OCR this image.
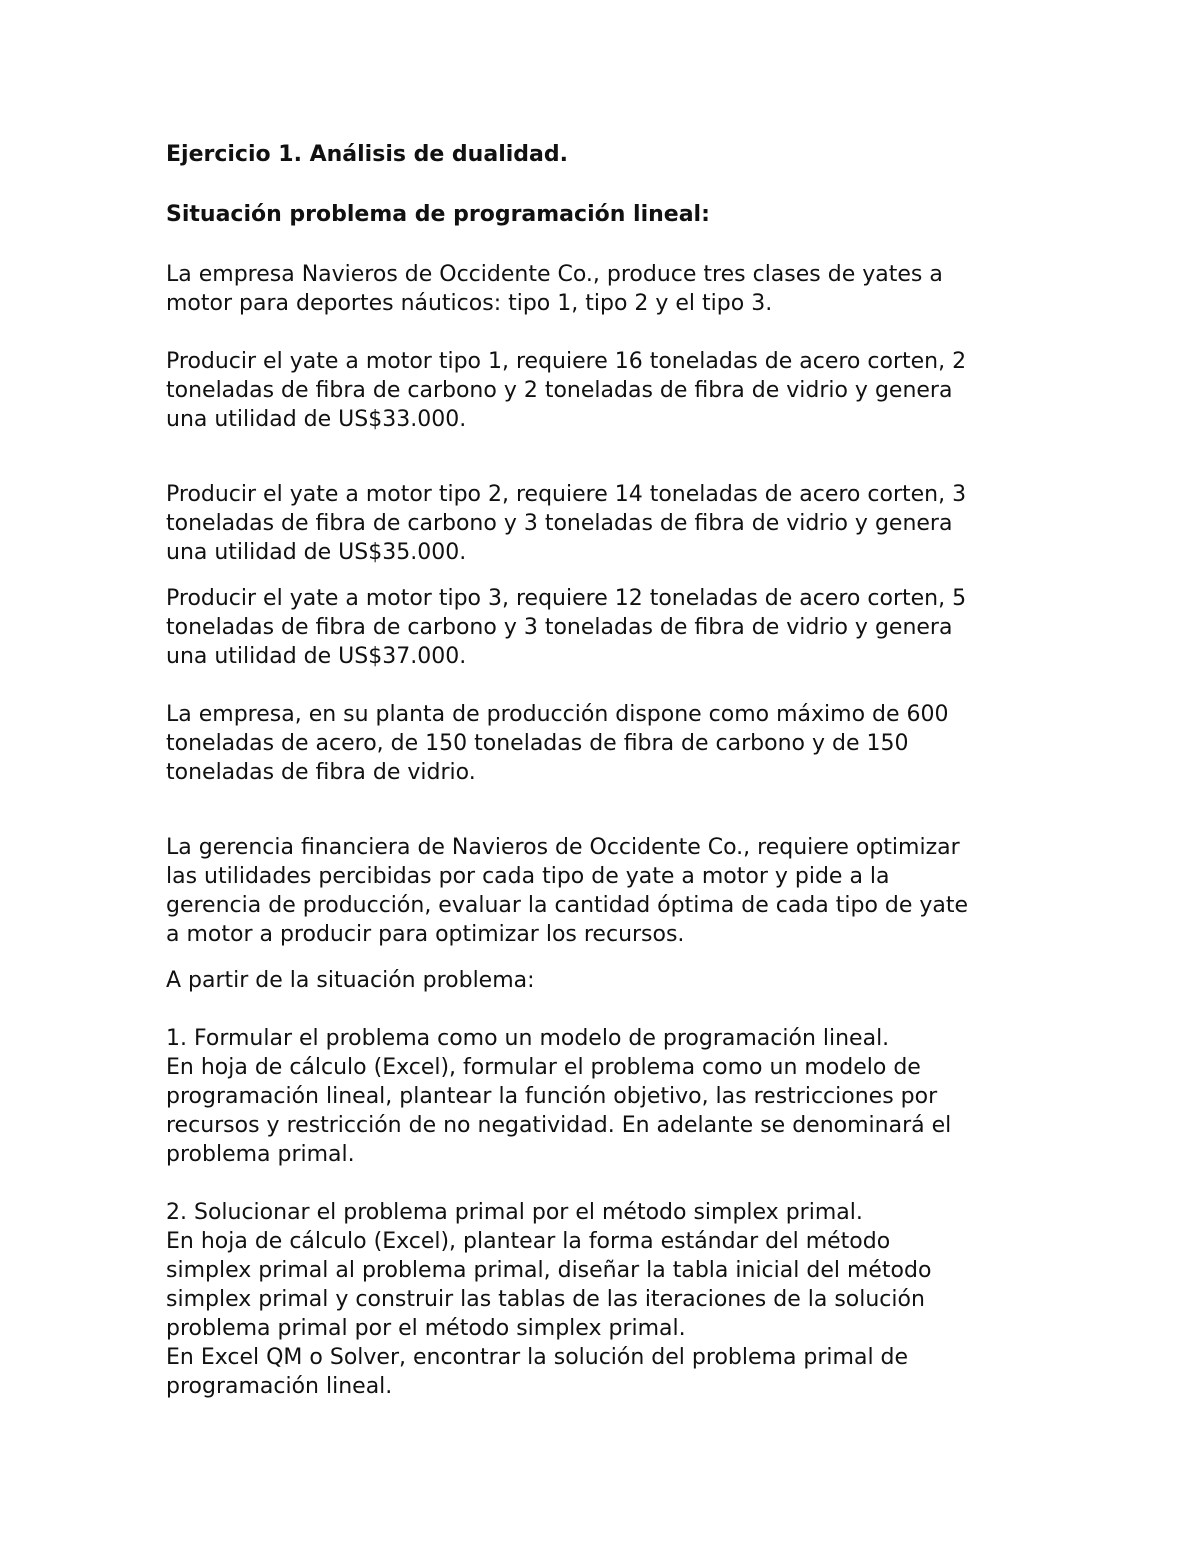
Ejercicio 1. Análisis de dualidad.

Situación problema de programación lineal:

La empresa Navieros de Occidente Co., produce tres clases de yates a
motor para deportes náuticos: tipo 1, tipo 2 y el tipo 3.

Producir el yate a motor tipo 1, requiere 16 toneladas de acero corten, 2
toneladas de fibra de carbono y 2 toneladas de fibra de vidrio y genera
una utilidad de US$33.000.

Producir el yate a motor tipo 2, requiere 14 toneladas de acero corten, 3
toneladas de fibra de carbono y 3 toneladas de fibra de vidrio y genera
una utilidad de US$35.000.

Producir el yate a motor tipo 3, requiere 12 toneladas de acero corten, 5
toneladas de fibra de carbono y 3 toneladas de fibra de vidrio y genera
una utilidad de US$37.000.

La empresa, en su planta de producción dispone como máximo de 600
toneladas de acero, de 150 toneladas de fibra de carbono y de 150
toneladas de fibra de vidrio.

La gerencia financiera de Navieros de Occidente Co., requiere optimizar
las utilidades percibidas por cada tipo de yate a motor y pide a la
gerencia de producción, evaluar la cantidad óptima de cada tipo de yate
a motor a producir para optimizar los recursos.

A partir de la situación problema:

1. Formular el problema como un modelo de programación lineal.
En hoja de cálculo (Excel), formular el problema como un modelo de
programación lineal, plantear la función objetivo, las restricciones por
recursos y restricción de no negatividad. En adelante se denominará el
problema primal.

2. Solucionar el problema primal por el método simplex primal.
En hoja de cálculo (Excel), plantear la forma estándar del método
simplex primal al problema primal, diseñar la tabla inicial del método
simplex primal y construir las tablas de las iteraciones de la solución
problema primal por el método simplex primal.
En Excel QM o Solver, encontrar la solución del problema primal de
programación lineal.
